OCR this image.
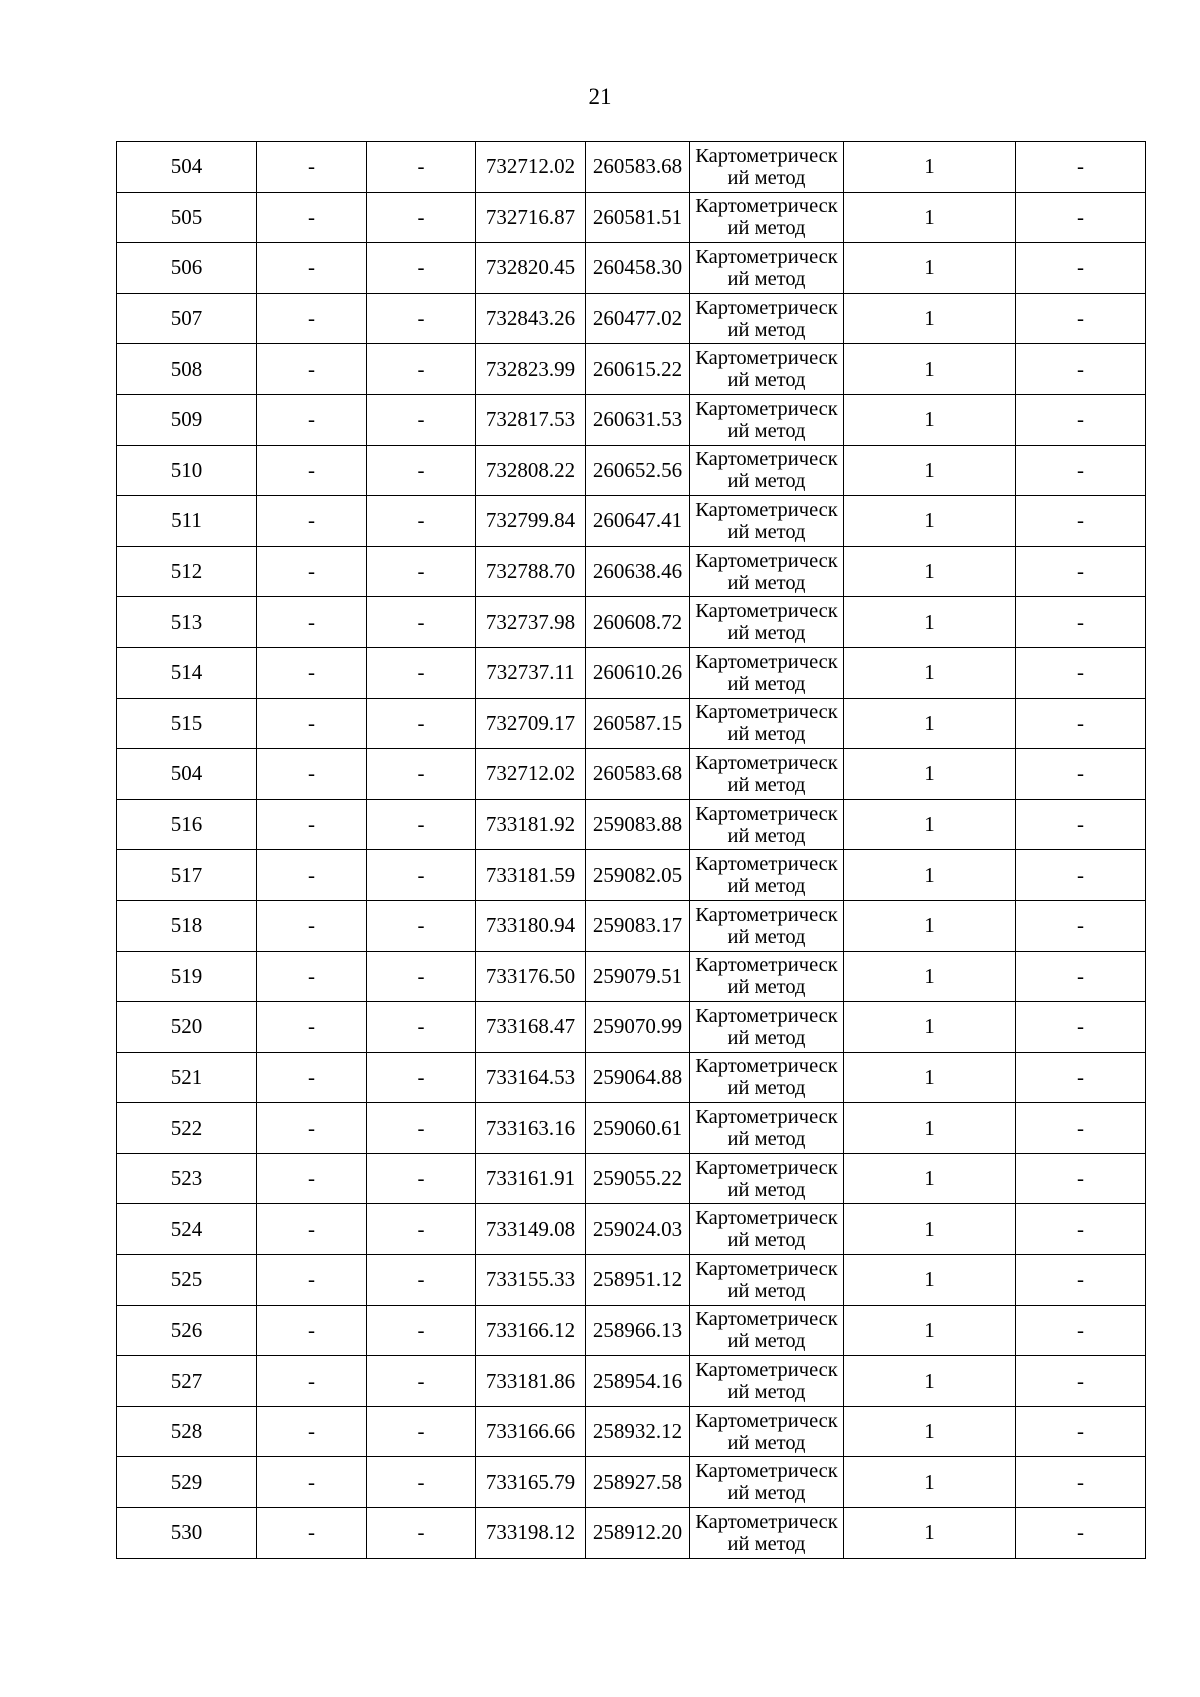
21
504	-	-	732712.02	260583.68	Картометрический метод	1	-
505	-	-	732716.87	260581.51	Картометрический метод	1	-
506	-	-	732820.45	260458.30	Картометрический метод	1	-
507	-	-	732843.26	260477.02	Картометрический метод	1	-
508	-	-	732823.99	260615.22	Картометрический метод	1	-
509	-	-	732817.53	260631.53	Картометрический метод	1	-
510	-	-	732808.22	260652.56	Картометрический метод	1	-
511	-	-	732799.84	260647.41	Картометрический метод	1	-
512	-	-	732788.70	260638.46	Картометрический метод	1	-
513	-	-	732737.98	260608.72	Картометрический метод	1	-
514	-	-	732737.11	260610.26	Картометрический метод	1	-
515	-	-	732709.17	260587.15	Картометрический метод	1	-
504	-	-	732712.02	260583.68	Картометрический метод	1	-
516	-	-	733181.92	259083.88	Картометрический метод	1	-
517	-	-	733181.59	259082.05	Картометрический метод	1	-
518	-	-	733180.94	259083.17	Картометрический метод	1	-
519	-	-	733176.50	259079.51	Картометрический метод	1	-
520	-	-	733168.47	259070.99	Картометрический метод	1	-
521	-	-	733164.53	259064.88	Картометрический метод	1	-
522	-	-	733163.16	259060.61	Картометрический метод	1	-
523	-	-	733161.91	259055.22	Картометрический метод	1	-
524	-	-	733149.08	259024.03	Картометрический метод	1	-
525	-	-	733155.33	258951.12	Картометрический метод	1	-
526	-	-	733166.12	258966.13	Картометрический метод	1	-
527	-	-	733181.86	258954.16	Картометрический метод	1	-
528	-	-	733166.66	258932.12	Картометрический метод	1	-
529	-	-	733165.79	258927.58	Картометрический метод	1	-
530	-	-	733198.12	258912.20	Картометрический метод	1	-
